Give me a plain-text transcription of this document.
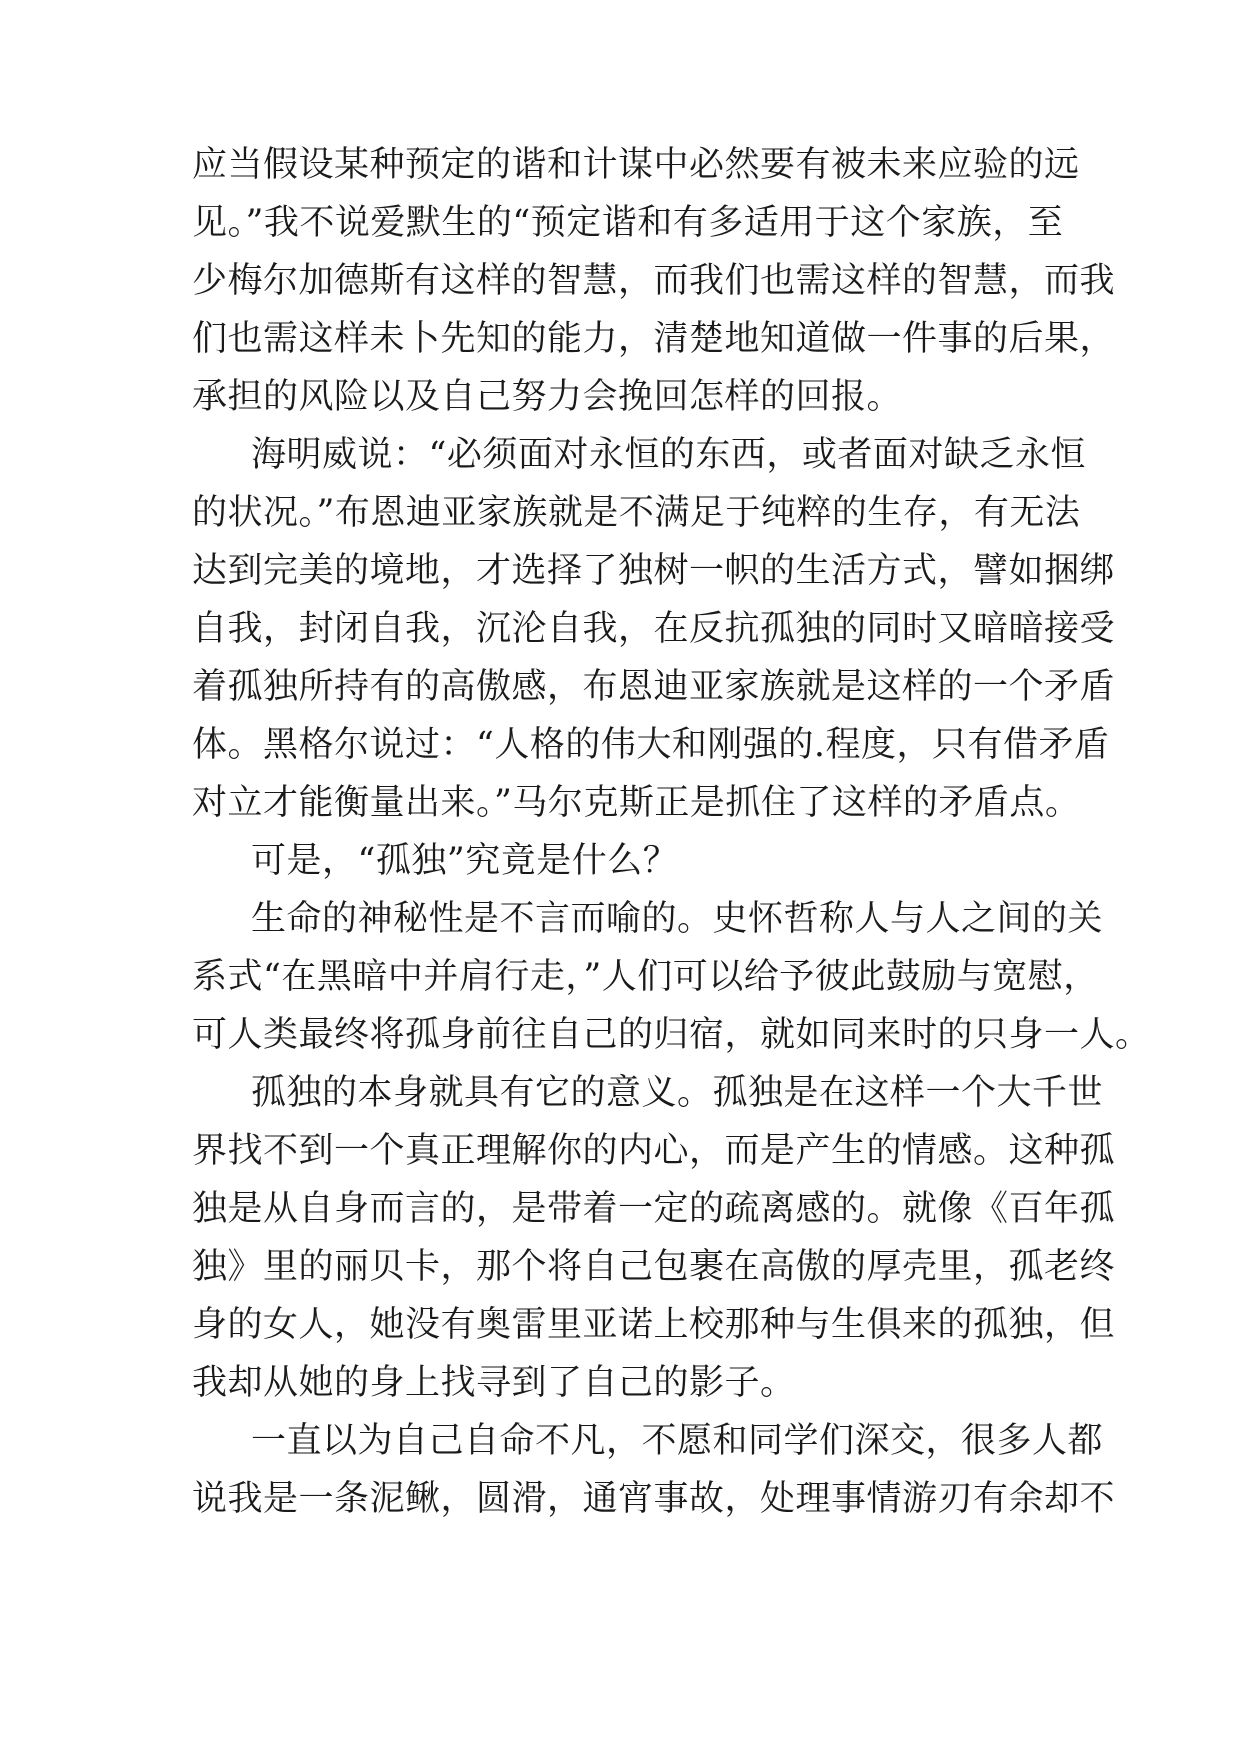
应当假设某种预定的谐和计谋中必然要有被未来应验的远
见。”我不说爱默生的“预定谐和有多适用于这个家族，至
少梅尔加德斯有这样的智慧，而我们也需这样的智慧，而我
们也需这样未卜先知的能力，清楚地知道做一件事的后果，
承担的风险以及自己努力会挽回怎样的回报。
海明威说：“必须面对永恒的东西，或者面对缺乏永恒
的状况。”布恩迪亚家族就是不满足于纯粹的生存，有无法
达到完美的境地，才选择了独树一帜的生活方式，譬如捆绑
自我，封闭自我，沉沦自我，在反抗孤独的同时又暗暗接受
着孤独所持有的高傲感，布恩迪亚家族就是这样的一个矛盾
体。黑格尔说过：“人格的伟大和刚强的.程度，只有借矛盾
对立才能衡量出来。”马尔克斯正是抓住了这样的矛盾点。
可是，“孤独”究竟是什么？
生命的神秘性是不言而喻的。史怀哲称人与人之间的关
系式“在黑暗中并肩行走，”人们可以给予彼此鼓励与宽慰，
可人类最终将孤身前往自己的归宿，就如同来时的只身一人。
孤独的本身就具有它的意义。孤独是在这样一个大千世
界找不到一个真正理解你的内心，而是产生的情感。这种孤
独是从自身而言的，是带着一定的疏离感的。就像《百年孤
独》里的丽贝卡，那个将自己包裹在高傲的厚壳里，孤老终
身的女人，她没有奥雷里亚诺上校那种与生俱来的孤独，但
我却从她的身上找寻到了自己的影子。
一直以为自己自命不凡，不愿和同学们深交，很多人都
说我是一条泥鳅，圆滑，通宵事故，处理事情游刃有余却不
